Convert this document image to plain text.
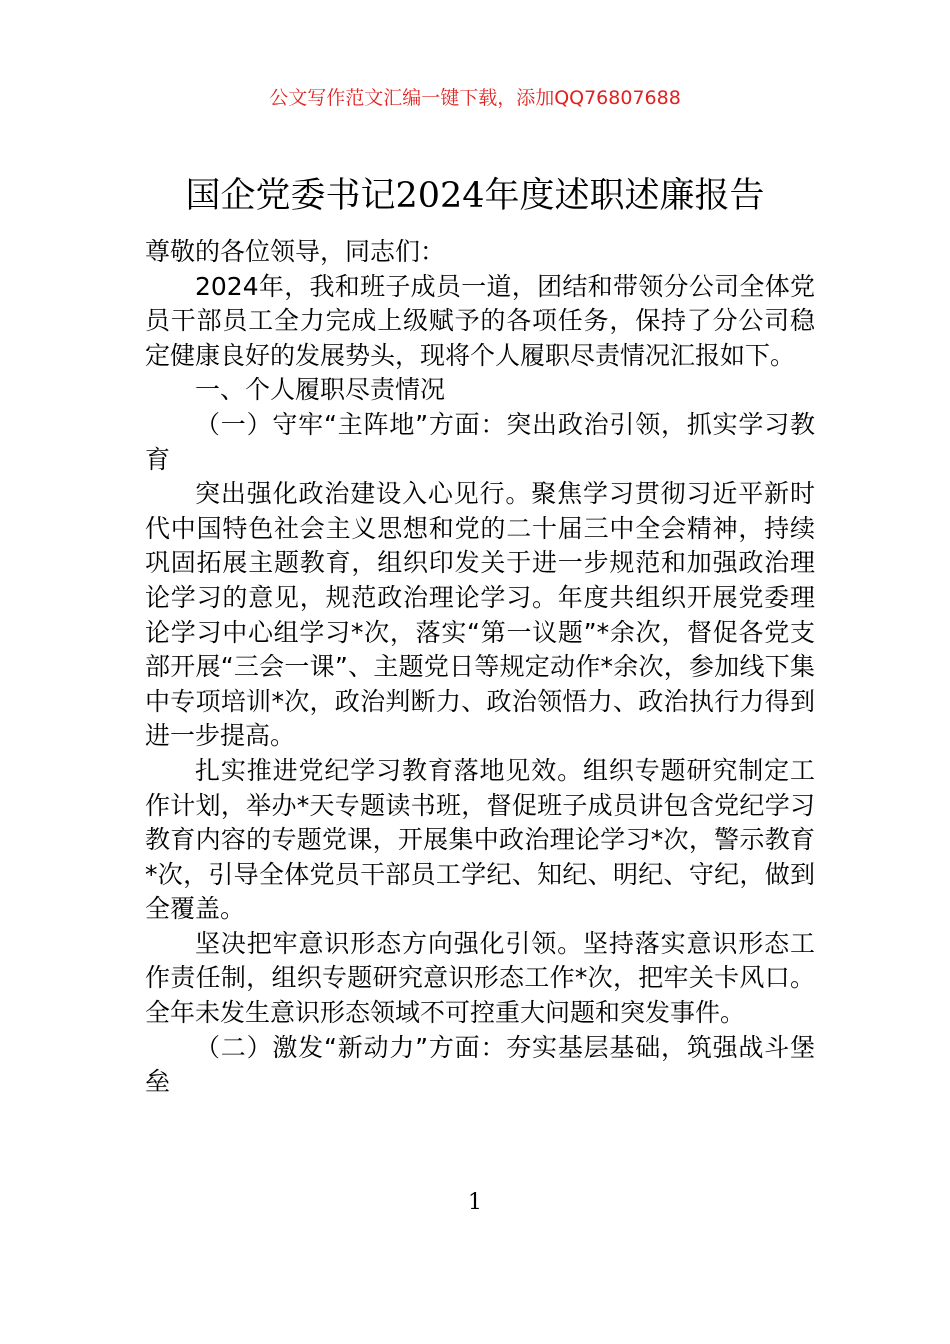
公文写作范文汇编一键下载，添加QQ76807688
国企党委书记2024年度述职述廉报告

尊敬的各位领导，同志们：

2024年，我和班子成员一道，团结和带领分公司全体党员干部员工全力完成上级赋予的各项任务，保持了分公司稳定健康良好的发展势头，现将个人履职尽责情况汇报如下。

一、个人履职尽责情况

（一）守牢“主阵地”方面：突出政治引领，抓实学习教育

突出强化政治建设入心见行。聚焦学习贯彻习近平新时代中国特色社会主义思想和党的二十届三中全会精神，持续巩固拓展主题教育，组织印发关于进一步规范和加强政治理论学习的意见，规范政治理论学习。年度共组织开展党委理论学习中心组学习*次，落实“第一议题”*余次，督促各党支部开展“三会一课”、主题党日等规定动作*余次，参加线下集中专项培训*次，政治判断力、政治领悟力、政治执行力得到进一步提高。

扎实推进党纪学习教育落地见效。组织专题研究制定工作计划，举办*天专题读书班，督促班子成员讲包含党纪学习教育内容的专题党课，开展集中政治理论学习*次，警示教育*次，引导全体党员干部员工学纪、知纪、明纪、守纪，做到全覆盖。

坚决把牢意识形态方向强化引领。坚持落实意识形态工作责任制，组织专题研究意识形态工作*次，把牢关卡风口。全年未发生意识形态领域不可控重大问题和突发事件。

（二）激发“新动力”方面：夯实基层基础，筑强战斗堡垒

1
